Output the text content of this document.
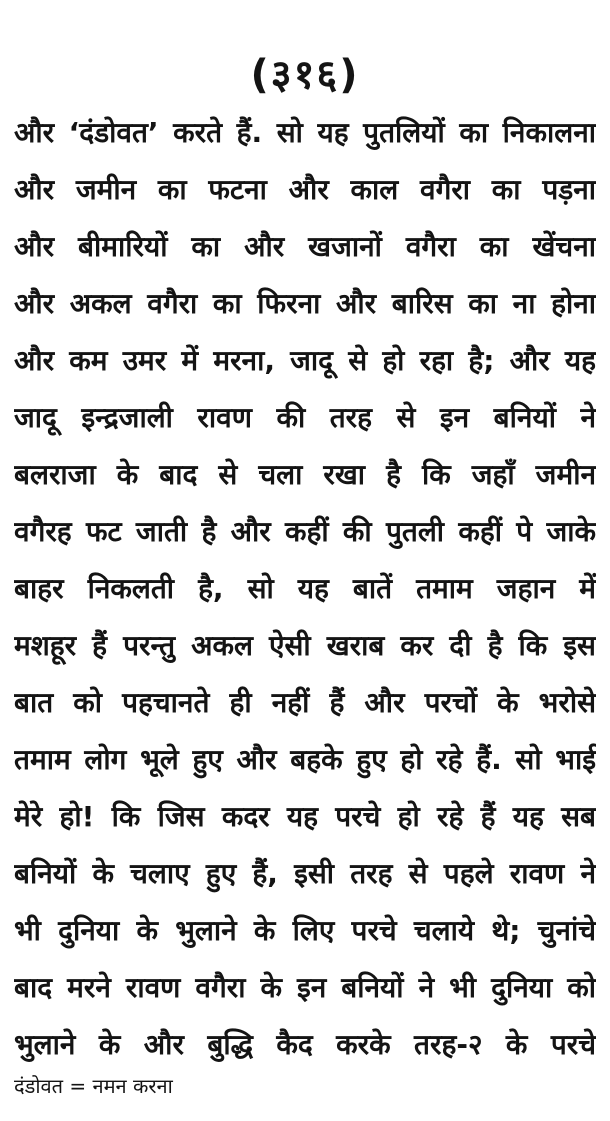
(३१६)
और ‘दंडोवत’ करते हैं. सो यह पुतलियों का निकालना
और जमीन का फटना और काल वगैरा का पड़ना
और बीमारियों का और खजानों वगैरा का खेंचना
और अकल वगैरा का फिरना और बारिस का ना होना
और कम उमर में मरना, जादू से हो रहा है; और यह
जादू इन्द्रजाली रावण की तरह से इन बनियों ने
बलराजा के बाद से चला रखा है कि जहाँ जमीन
वगैरह फट जाती है और कहीं की पुतली कहीं पे जाके
बाहर निकलती है, सो यह बातें तमाम जहान में
मशहूर हैं परन्तु अकल ऐसी खराब कर दी है कि इस
बात को पहचानते ही नहीं हैं और परचों के भरोसे
तमाम लोग भूले हुए और बहके हुए हो रहे हैं. सो भाई
मेरे हो! कि जिस कदर यह परचे हो रहे हैं यह सब
बनियों के चलाए हुए हैं, इसी तरह से पहले रावण ने
भी दुनिया के भुलाने के लिए परचे चलाये थे; चुनांचे
बाद मरने रावण वगैरा के इन बनियों ने भी दुनिया को
भुलाने के और बुद्धि कैद करके तरह-२ के परचे
दंडोवत = नमन करना
